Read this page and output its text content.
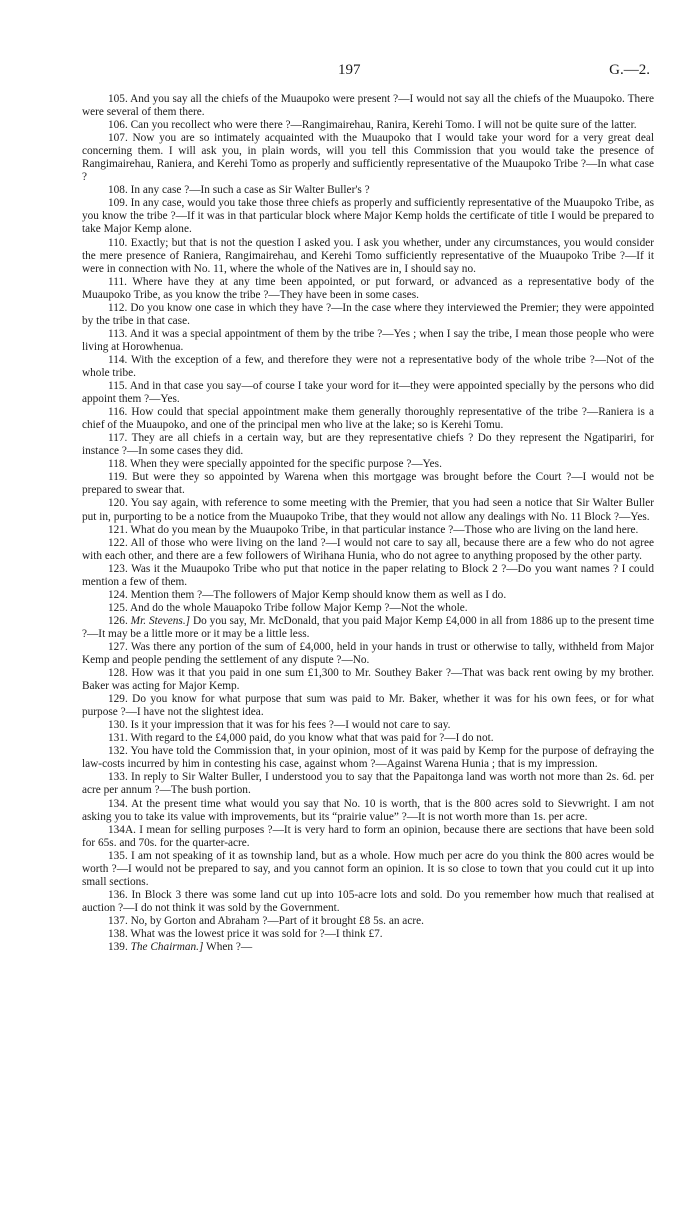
197	G.—2.

105. And you say all the chiefs of the Muaupoko were present ?—I would not say all the chiefs of the Muaupoko. There were several of them there.

106. Can you recollect who were there ?—Rangimairehau, Ranira, Kerehi Tomo. I will not be quite sure of the latter.

107. Now you are so intimately acquainted with the Muaupoko that I would take your word for a very great deal concerning them. I will ask you, in plain words, will you tell this Commission that you would take the presence of Rangimairehau, Raniera, and Kerehi Tomo as properly and sufficiently representative of the Muaupoko Tribe ?—In what case ?

108. In any case ?—In such a case as Sir Walter Buller's ?

109. In any case, would you take those three chiefs as properly and sufficiently representative of the Muaupoko Tribe, as you know the tribe ?—If it was in that particular block where Major Kemp holds the certificate of title I would be prepared to take Major Kemp alone.

110. Exactly; but that is not the question I asked you. I ask you whether, under any circumstances, you would consider the mere presence of Raniera, Rangimairehau, and Kerehi Tomo sufficiently representative of the Muaupoko Tribe ?—If it were in connection with No. 11, where the whole of the Natives are in, I should say no.

111. Where have they at any time been appointed, or put forward, or advanced as a representative body of the Muaupoko Tribe, as you know the tribe ?—They have been in some cases.

112. Do you know one case in which they have ?—In the case where they interviewed the Premier; they were appointed by the tribe in that case.

113. And it was a special appointment of them by the tribe ?—Yes ; when I say the tribe, I mean those people who were living at Horowhenua.

114. With the exception of a few, and therefore they were not a representative body of the whole tribe ?—Not of the whole tribe.

115. And in that case you say—of course I take your word for it—they were appointed specially by the persons who did appoint them ?—Yes.

116. How could that special appointment make them generally thoroughly representative of the tribe ?—Raniera is a chief of the Muaupoko, and one of the principal men who live at the lake; so is Kerehi Tomu.

117. They are all chiefs in a certain way, but are they representative chiefs ? Do they represent the Ngatipariri, for instance ?—In some cases they did.

118. When they were specially appointed for the specific purpose ?—Yes.

119. But were they so appointed by Warena when this mortgage was brought before the Court ?—I would not be prepared to swear that.

120. You say again, with reference to some meeting with the Premier, that you had seen a notice that Sir Walter Buller put in, purporting to be a notice from the Muaupoko Tribe, that they would not allow any dealings with No. 11 Block ?—Yes.

121. What do you mean by the Muaupoko Tribe, in that particular instance ?—Those who are living on the land here.

122. All of those who were living on the land ?—I would not care to say all, because there are a few who do not agree with each other, and there are a few followers of Wirihana Hunia, who do not agree to anything proposed by the other party.

123. Was it the Muaupoko Tribe who put that notice in the paper relating to Block 2 ?—Do you want names ? I could mention a few of them.

124. Mention them ?—The followers of Major Kemp should know them as well as I do.

125. And do the whole Mauapoko Tribe follow Major Kemp ?—Not the whole.

126. Mr. Stevens.] Do you say, Mr. McDonald, that you paid Major Kemp £4,000 in all from 1886 up to the present time ?—It may be a little more or it may be a little less.

127. Was there any portion of the sum of £4,000, held in your hands in trust or otherwise to tally, withheld from Major Kemp and people pending the settlement of any dispute ?—No.

128. How was it that you paid in one sum £1,300 to Mr. Southey Baker ?—That was back rent owing by my brother. Baker was acting for Major Kemp.

129. Do you know for what purpose that sum was paid to Mr. Baker, whether it was for his own fees, or for what purpose ?—I have not the slightest idea.

130. Is it your impression that it was for his fees ?—I would not care to say.

131. With regard to the £4,000 paid, do you know what that was paid for ?—I do not.

132. You have told the Commission that, in your opinion, most of it was paid by Kemp for the purpose of defraying the law-costs incurred by him in contesting his case, against whom ?—Against Warena Hunia ; that is my impression.

133. In reply to Sir Walter Buller, I understood you to say that the Papaitonga land was worth not more than 2s. 6d. per acre per annum ?—The bush portion.

134. At the present time what would you say that No. 10 is worth, that is the 800 acres sold to Sievwright. I am not asking you to take its value with improvements, but its “prairie value” ?—It is not worth more than 1s. per acre.

134A. I mean for selling purposes ?—It is very hard to form an opinion, because there are sections that have been sold for 65s. and 70s. for the quarter-acre.

135. I am not speaking of it as township land, but as a whole. How much per acre do you think the 800 acres would be worth ?—I would not be prepared to say, and you cannot form an opinion. It is so close to town that you could cut it up into small sections.

136. In Block 3 there was some land cut up into 105-acre lots and sold. Do you remember how much that realised at auction ?—I do not think it was sold by the Government.

137. No, by Gorton and Abraham ?—Part of it brought £8 5s. an acre.

138. What was the lowest price it was sold for ?—I think £7.

139. The Chairman.] When ?—
